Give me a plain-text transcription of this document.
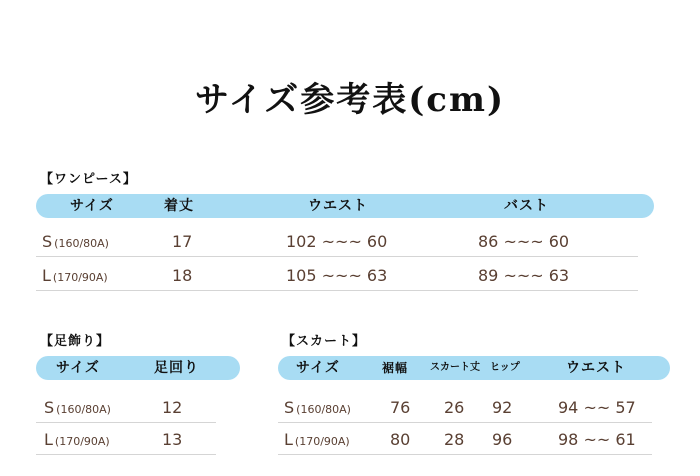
サイズ参考表(cm)
【ワンピース】
サイズ	着丈	ウエスト	バスト
S (160/80A)	17	102 ~~~ 60	86 ~~~ 60
L (170/90A)	18	105 ~~~ 63	89 ~~~ 63
【足飾り】
サイズ	足回り
S (160/80A)	12
L (170/90A)	13
【スカート】
サイズ	裾幅 スカート丈 ヒップ	ウエスト
S (160/80A) 76 26 92	94 ~~ 57
L (170/90A)	80 28 96	98 ~~ 61
